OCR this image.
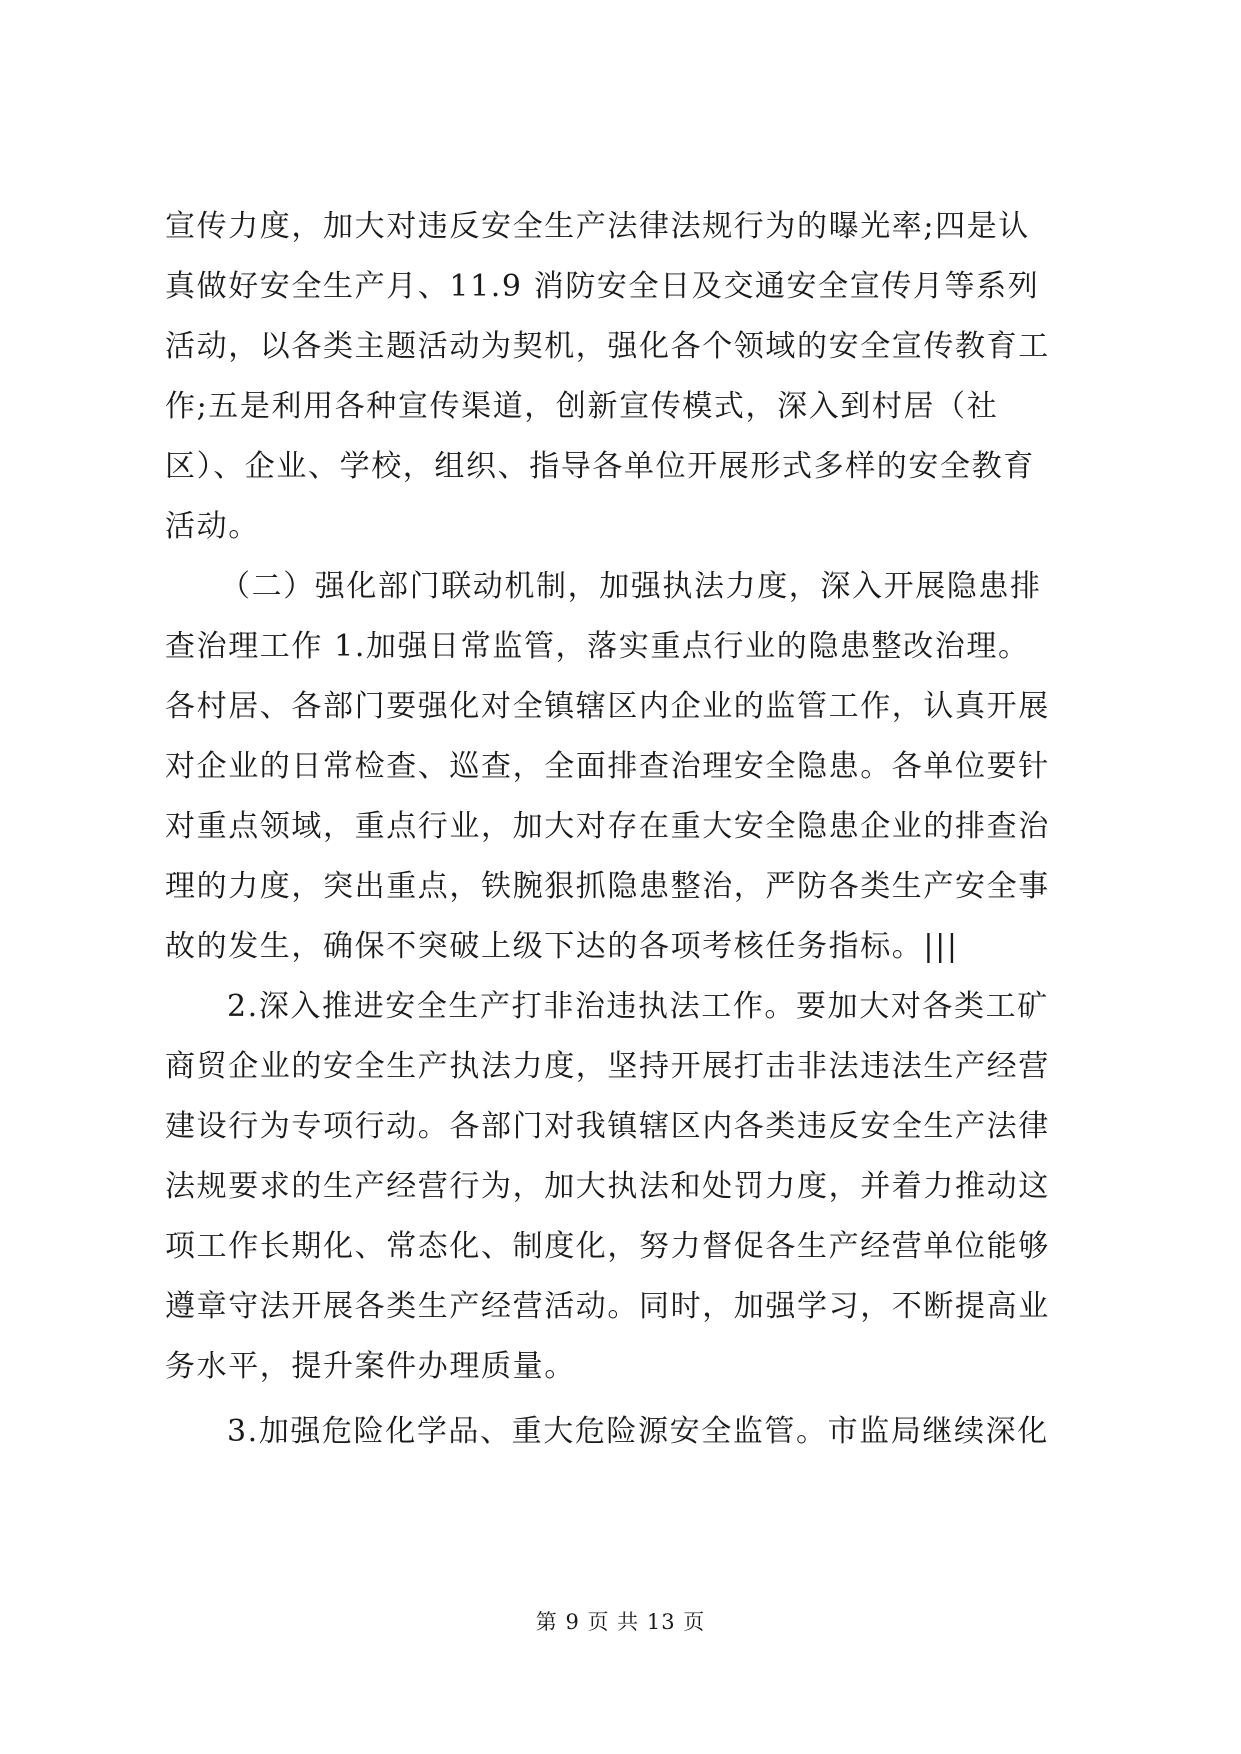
宣传力度，加大对违反安全生产法律法规行为的曝光率;四是认
真做好安全生产月、11.9 消防安全日及交通安全宣传月等系列
活动，以各类主题活动为契机，强化各个领域的安全宣传教育工
作;五是利用各种宣传渠道，创新宣传模式，深入到村居（社
区）、企业、学校，组织、指导各单位开展形式多样的安全教育
活动。
（二）强化部门联动机制，加强执法力度，深入开展隐患排
查治理工作 1.加强日常监管，落实重点行业的隐患整改治理。
各村居、各部门要强化对全镇辖区内企业的监管工作，认真开展
对企业的日常检查、巡查，全面排查治理安全隐患。各单位要针
对重点领域，重点行业，加大对存在重大安全隐患企业的排查治
理的力度，突出重点，铁腕狠抓隐患整治，严防各类生产安全事
故的发生，确保不突破上级下达的各项考核任务指标。|||
2.深入推进安全生产打非治违执法工作。要加大对各类工矿
商贸企业的安全生产执法力度，坚持开展打击非法违法生产经营
建设行为专项行动。各部门对我镇辖区内各类违反安全生产法律
法规要求的生产经营行为，加大执法和处罚力度，并着力推动这
项工作长期化、常态化、制度化，努力督促各生产经营单位能够
遵章守法开展各类生产经营活动。同时，加强学习，不断提高业
务水平，提升案件办理质量。
3.加强危险化学品、重大危险源安全监管。市监局继续深化
第 9 页 共 13 页
